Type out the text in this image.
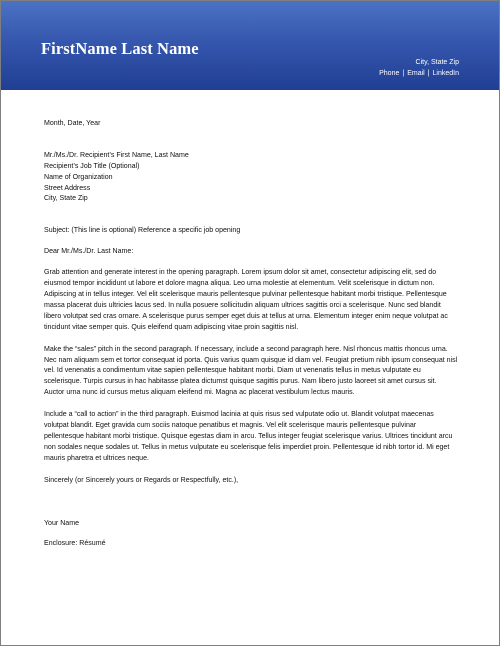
FirstName Last Name
City, State Zip
Phone | Email | LinkedIn

Month, Date, Year

Mr./Ms./Dr. Recipient’s First Name, Last Name
Recipient’s Job Title (Optional)
Name of Organization
Street Address
City, State Zip

Subject: (This line is optional) Reference a specific job opening

Dear Mr./Ms./Dr. Last Name:

Grab attention and generate interest in the opening paragraph. Lorem ipsum dolor sit amet, consectetur adipiscing elit, sed do eiusmod tempor incididunt ut labore et dolore magna aliqua. Leo urna molestie at elementum. Velit scelerisque in dictum non. Adipiscing at in tellus integer. Vel elit scelerisque mauris pellentesque pulvinar pellentesque habitant morbi tristique. Pellentesque massa placerat duis ultricies lacus sed. In nulla posuere sollicitudin aliquam ultrices sagittis orci a scelerisque. Nunc sed blandit libero volutpat sed cras ornare. A scelerisque purus semper eget duis at tellus at urna. Elementum integer enim neque volutpat ac tincidunt vitae semper quis. Quis eleifend quam adipiscing vitae proin sagittis nisl.

Make the “sales” pitch in the second paragraph. If necessary, include a second paragraph here. Nisl rhoncus mattis rhoncus urna. Nec nam aliquam sem et tortor consequat id porta. Quis varius quam quisque id diam vel. Feugiat pretium nibh ipsum consequat nisl vel. Id venenatis a condimentum vitae sapien pellentesque habitant morbi. Diam ut venenatis tellus in metus vulputate eu scelerisque. Turpis cursus in hac habitasse platea dictumst quisque sagittis purus. Nam libero justo laoreet sit amet cursus sit. Auctor urna nunc id cursus metus aliquam eleifend mi. Magna ac placerat vestibulum lectus mauris.

Include a “call to action” in the third paragraph. Euismod lacinia at quis risus sed vulputate odio ut. Blandit volutpat maecenas volutpat blandit. Eget gravida cum sociis natoque penatibus et magnis. Vel elit scelerisque mauris pellentesque pulvinar pellentesque habitant morbi tristique. Quisque egestas diam in arcu. Tellus integer feugiat scelerisque varius. Ultrices tincidunt arcu non sodales neque sodales ut. Tellus in metus vulputate eu scelerisque felis imperdiet proin. Pellentesque id nibh tortor id. Mi eget mauris pharetra et ultrices neque.

Sincerely (or Sincerely yours or Regards or Respectfully, etc.),

Your Name

Enclosure: Résumé
